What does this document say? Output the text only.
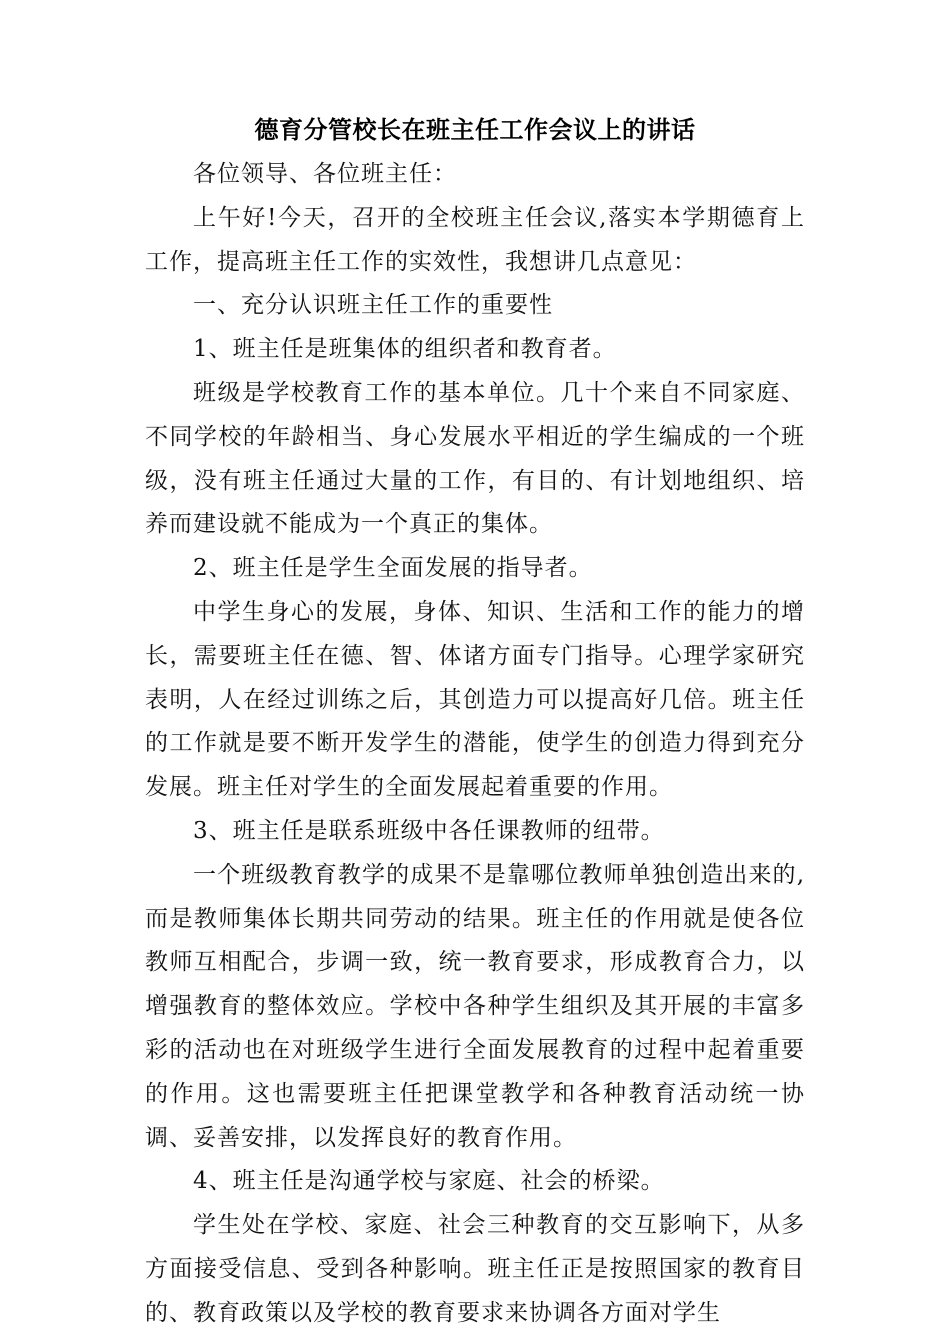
德育分管校长在班主任工作会议上的讲话

各位领导、各位班主任：

上午好!今天，召开的全校班主任会议,落实本学期德育上工作，提高班主任工作的实效性，我想讲几点意见：

一、充分认识班主任工作的重要性

1、班主任是班集体的组织者和教育者。

班级是学校教育工作的基本单位。几十个来自不同家庭、不同学校的年龄相当、身心发展水平相近的学生编成的一个班级，没有班主任通过大量的工作，有目的、有计划地组织、培养而建设就不能成为一个真正的集体。

2、班主任是学生全面发展的指导者。

中学生身心的发展，身体、知识、生活和工作的能力的增长，需要班主任在德、智、体诸方面专门指导。心理学家研究表明，人在经过训练之后，其创造力可以提高好几倍。班主任的工作就是要不断开发学生的潜能，使学生的创造力得到充分发展。班主任对学生的全面发展起着重要的作用。

3、班主任是联系班级中各任课教师的纽带。

一个班级教育教学的成果不是靠哪位教师单独创造出来的,而是教师集体长期共同劳动的结果。班主任的作用就是使各位教师互相配合，步调一致，统一教育要求，形成教育合力，以增强教育的整体效应。学校中各种学生组织及其开展的丰富多彩的活动也在对班级学生进行全面发展教育的过程中起着重要的作用。这也需要班主任把课堂教学和各种教育活动统一协调、妥善安排，以发挥良好的教育作用。

4、班主任是沟通学校与家庭、社会的桥梁。

学生处在学校、家庭、社会三种教育的交互影响下，从多方面接受信息、受到各种影响。班主任正是按照国家的教育目的、教育政策以及学校的教育要求来协调各方面对学生
